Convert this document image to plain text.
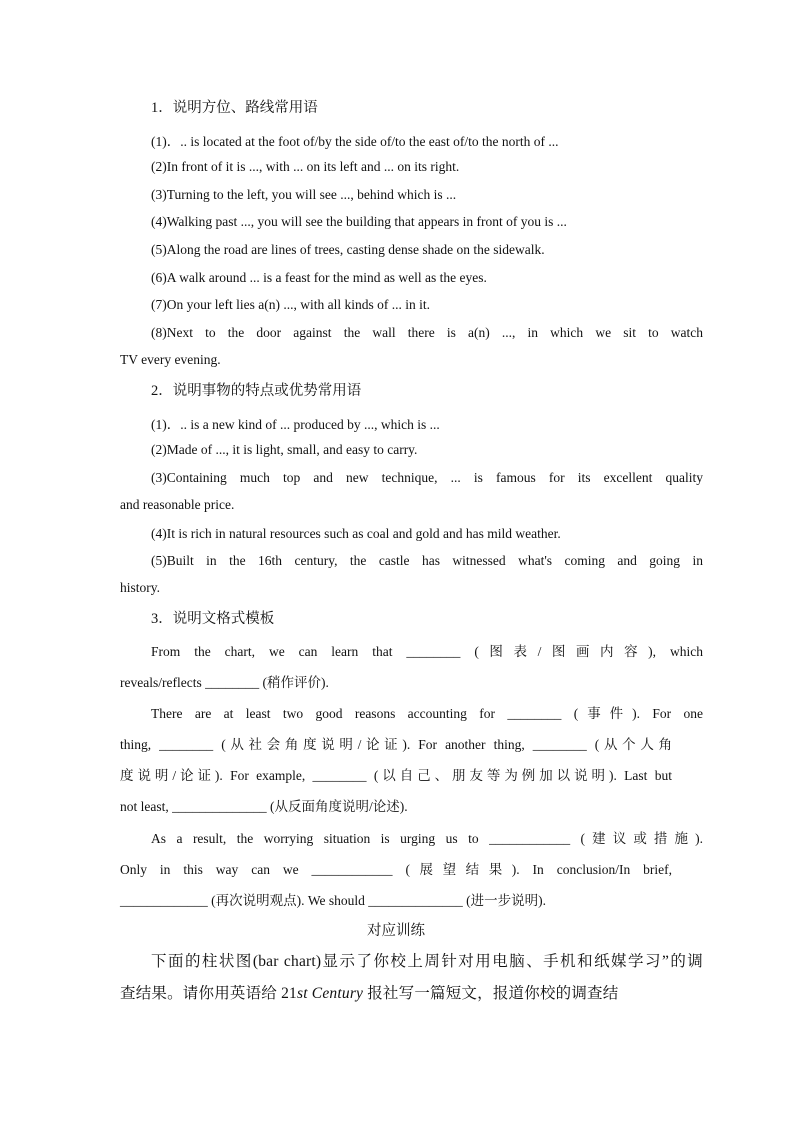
1．说明方位、路线常用语
(1)．.. is located at the foot of/by the side of/to the east of/to the north of ...
(2)In front of it is ..., with ... on its left and ... on its right.
(3)Turning to the left, you will see ..., behind which is ...
(4)Walking past ..., you will see the building that appears in front of you is ...
(5)Along the road are lines of trees, casting dense shade on the sidewalk.
(6)A walk around ... is a feast for the mind as well as the eyes.
(7)On your left lies a(n) ..., with all kinds of ... in it.
(8)Next to the door against the wall there is a(n) ..., in which we sit to watch
TV every evening.
2．说明事物的特点或优势常用语
(1)．.. is a new kind of ... produced by ..., which is ...
(2)Made of ..., it is light, small, and easy to carry.
(3)Containing much top and new technique, ... is famous for its excellent quality
and reasonable price.
(4)It is rich in natural resources such as coal and gold and has mild weather.
(5)Built in the 16th century, the castle has witnessed what's coming and going in
history.
3．说明文格式模板
From the chart, we can learn that ________ (图表/图画内容), which
reveals/reflects ________ (稍作评价).
There are at least two good reasons accounting for ________ (事件). For one
thing, ________ (从社会角度说明/论证). For another thing, ________ (从个人角
度说明/论证). For example, ________ (以自己、朋友等为例加以说明). Last but
not least, ______________ (从反面角度说明/论述).
As a result, the worrying situation is urging us to ____________ (建议或措施).
Only in this way can we ____________ (展望结果). In conclusion/In brief,
_____________ (再次说明观点). We should ______________ (进一步说明).
对应训练
下面的柱状图(bar chart)显示了你校上周针对用电脑、手机和纸媒学习”的调
查结果。请你用英语给 21st Century 报社写一篇短文，报道你校的调查结
